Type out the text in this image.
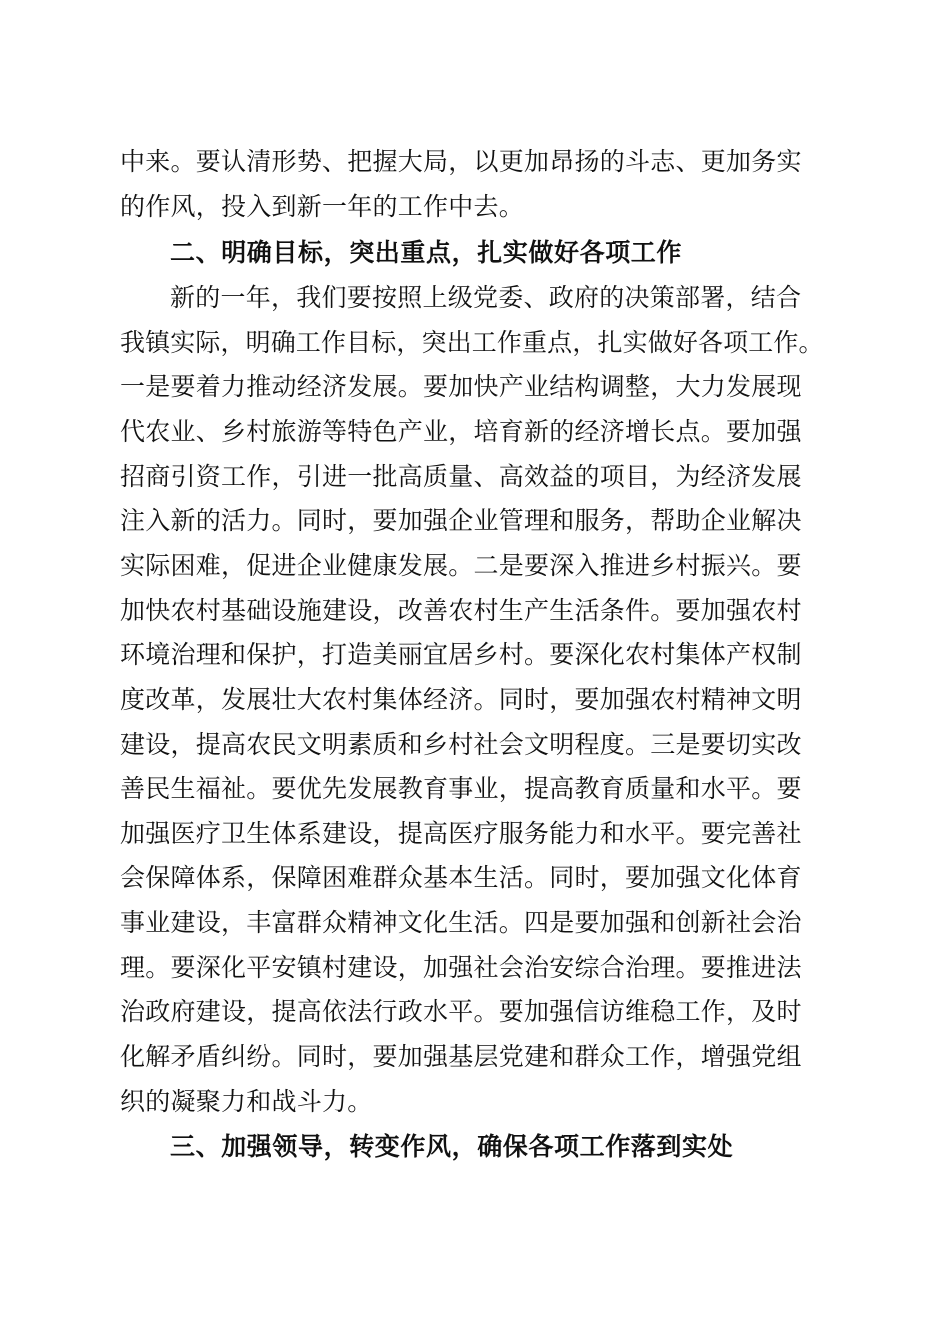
中来。要认清形势、把握大局，以更加昂扬的斗志、更加务实
的作风，投入到新一年的工作中去。
二、明确目标，突出重点，扎实做好各项工作
新的一年，我们要按照上级党委、政府的决策部署，结合
我镇实际，明确工作目标，突出工作重点，扎实做好各项工作。
一是要着力推动经济发展。要加快产业结构调整，大力发展现
代农业、乡村旅游等特色产业，培育新的经济增长点。要加强
招商引资工作，引进一批高质量、高效益的项目，为经济发展
注入新的活力。同时，要加强企业管理和服务，帮助企业解决
实际困难，促进企业健康发展。二是要深入推进乡村振兴。要
加快农村基础设施建设，改善农村生产生活条件。要加强农村
环境治理和保护，打造美丽宜居乡村。要深化农村集体产权制
度改革，发展壮大农村集体经济。同时，要加强农村精神文明
建设，提高农民文明素质和乡村社会文明程度。三是要切实改
善民生福祉。要优先发展教育事业，提高教育质量和水平。要
加强医疗卫生体系建设，提高医疗服务能力和水平。要完善社
会保障体系，保障困难群众基本生活。同时，要加强文化体育
事业建设，丰富群众精神文化生活。四是要加强和创新社会治
理。要深化平安镇村建设，加强社会治安综合治理。要推进法
治政府建设，提高依法行政水平。要加强信访维稳工作，及时
化解矛盾纠纷。同时，要加强基层党建和群众工作，增强党组
织的凝聚力和战斗力。
三、加强领导，转变作风，确保各项工作落到实处
